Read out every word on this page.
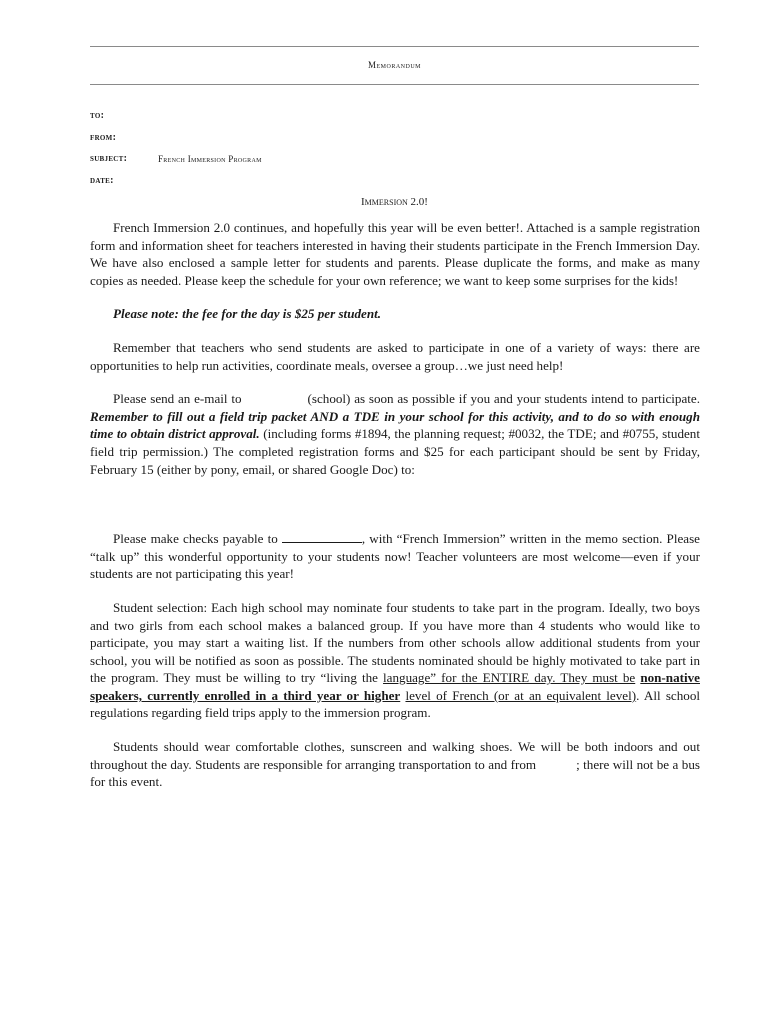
Memorandum
to:
from:
subject:	French Immersion Program
date:
Immersion 2.0!

French Immersion 2.0 continues, and hopefully this year will be even better!. Attached is a sample registration form and information sheet for teachers interested in having their students participate in the French Immersion Day. We have also enclosed a sample letter for students and parents. Please duplicate the forms, and make as many copies as needed. Please keep the schedule for your own reference; we want to keep some surprises for the kids!

Please note: the fee for the day is $25 per student.

Remember that teachers who send students are asked to participate in one of a variety of ways: there are opportunities to help run activities, coordinate meals, oversee a group…we just need help!

Please send an e-mail to	(school) as soon as possible if you and your students intend to participate. Remember to fill out a field trip packet AND a TDE in your school for this activity, and to do so with enough time to obtain district approval. (including forms #1894, the planning request; #0032, the TDE; and #0755, student field trip permission.) The completed registration forms and $25 for each participant should be sent by Friday, February 15 (either by pony, email, or shared Google Doc) to:

Please make checks payable to	, with “French Immersion” written in the memo section. Please “talk up” this wonderful opportunity to your students now! Teacher volunteers are most welcome—even if your students are not participating this year!

Student selection: Each high school may nominate four students to take part in the program. Ideally, two boys and two girls from each school makes a balanced group. If you have more than 4 students who would like to participate, you may start a waiting list. If the numbers from other schools allow additional students from your school, you will be notified as soon as possible. The students nominated should be highly motivated to take part in the program. They must be willing to try “living the language” for the ENTIRE day. They must be non-native speakers, currently enrolled in a third year or higher level of French (or at an equivalent level). All school regulations regarding field trips apply to the immersion program.

Students should wear comfortable clothes, sunscreen and walking shoes. We will be both indoors and out throughout the day. Students are responsible for arranging transportation to and from	; there will not be a bus for this event.
